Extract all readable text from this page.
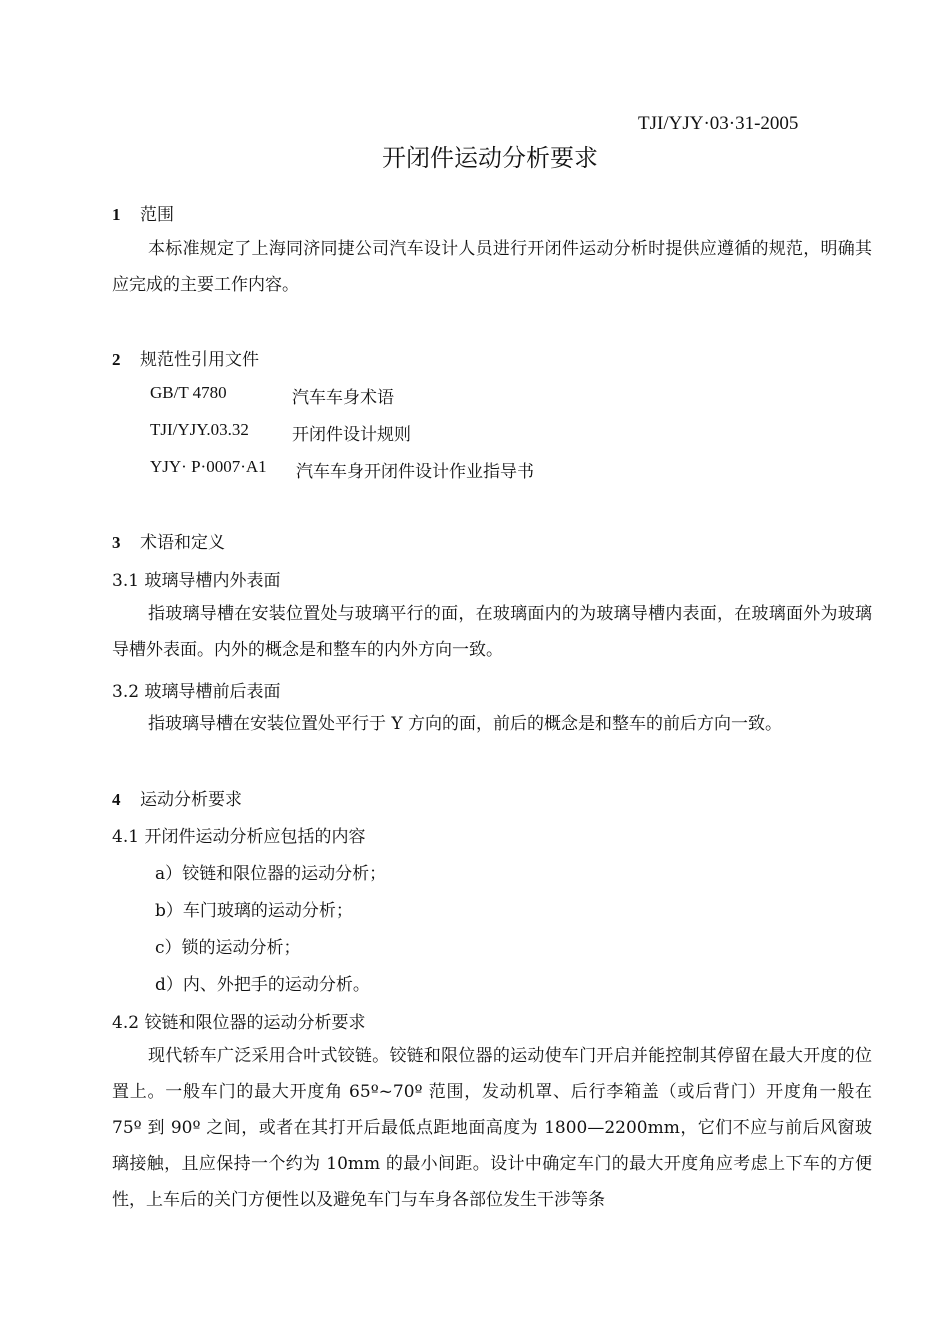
TJI/YJY·03·31-2005
开闭件运动分析要求
1 范围
本标准规定了上海同济同捷公司汽车设计人员进行开闭件运动分析时提供应遵循的规范，明确其应完成的主要工作内容。
2 规范性引用文件
GB/T 4780	汽车车身术语
TJI/YJY.03.32	开闭件设计规则
YJY· P·0007·A1 汽车车身开闭件设计作业指导书
3 术语和定义
3.1 玻璃导槽内外表面
指玻璃导槽在安装位置处与玻璃平行的面，在玻璃面内的为玻璃导槽内表面，在玻璃面外为玻璃导槽外表面。内外的概念是和整车的内外方向一致。
3.2 玻璃导槽前后表面
指玻璃导槽在安装位置处平行于 Y 方向的面，前后的概念是和整车的前后方向一致。
4 运动分析要求
4.1 开闭件运动分析应包括的内容
a）铰链和限位器的运动分析；
b）车门玻璃的运动分析；
c）锁的运动分析；
d）内、外把手的运动分析。
4.2 铰链和限位器的运动分析要求
现代轿车广泛采用合叶式铰链。铰链和限位器的运动使车门开启并能控制其停留在最大开度的位置上。一般车门的最大开度角 65º~70º 范围，发动机罩、后行李箱盖（或后背门）开度角一般在 75º 到 90º 之间，或者在其打开后最低点距地面高度为 1800—2200mm，它们不应与前后风窗玻璃接触，且应保持一个约为 10mm 的最小间距。设计中确定车门的最大开度角应考虑上下车的方便性，上车后的关门方便性以及避免车门与车身各部位发生干涉等条
